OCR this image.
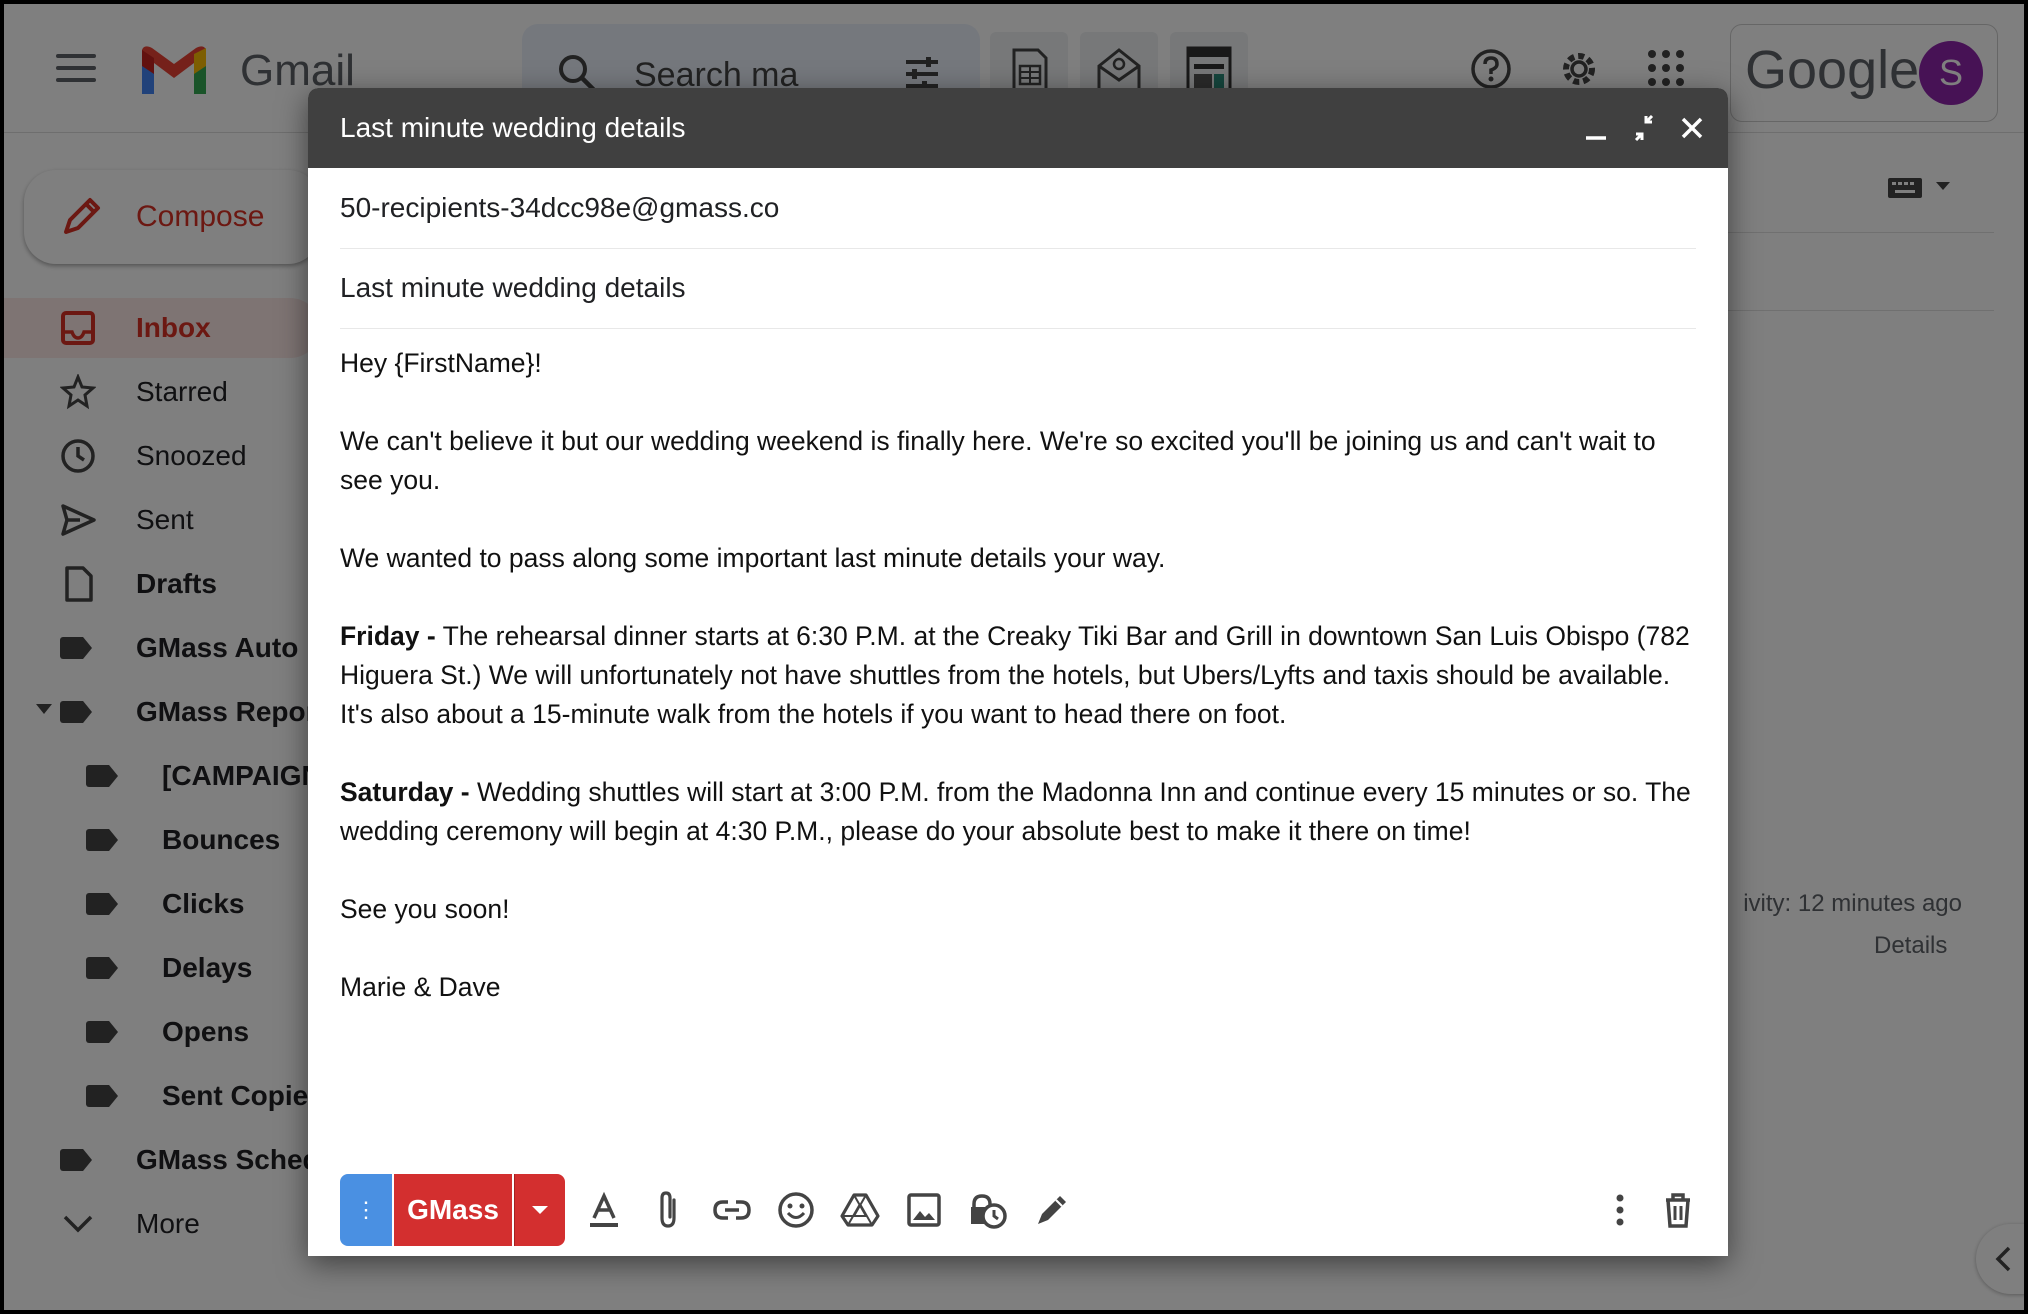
Last minute wedding details
50-recipients-34dcc98e@gmass.co
Last minute wedding details

Hey {FirstName}!

We can't believe it but our wedding weekend is finally here. We're so excited you'll be joining us and can't wait to see you.

We wanted to pass along some important last minute details your way.

Friday - The rehearsal dinner starts at 6:30 P.M. at the Creaky Tiki Bar and Grill in downtown San Luis Obispo (782 Higuera St.) We will unfortunately not have shuttles from the hotels, but Ubers/Lyfts and taxis should be available. It's also about a 15-minute walk from the hotels if you want to head there on foot.

Saturday - Wedding shuttles will start at 3:00 P.M. from the Madonna Inn and continue every 15 minutes or so. The wedding ceremony will begin at 4:30 P.M., please do your absolute best to make it there on time!

See you soon!

Marie & Dave

⋮	GMass
